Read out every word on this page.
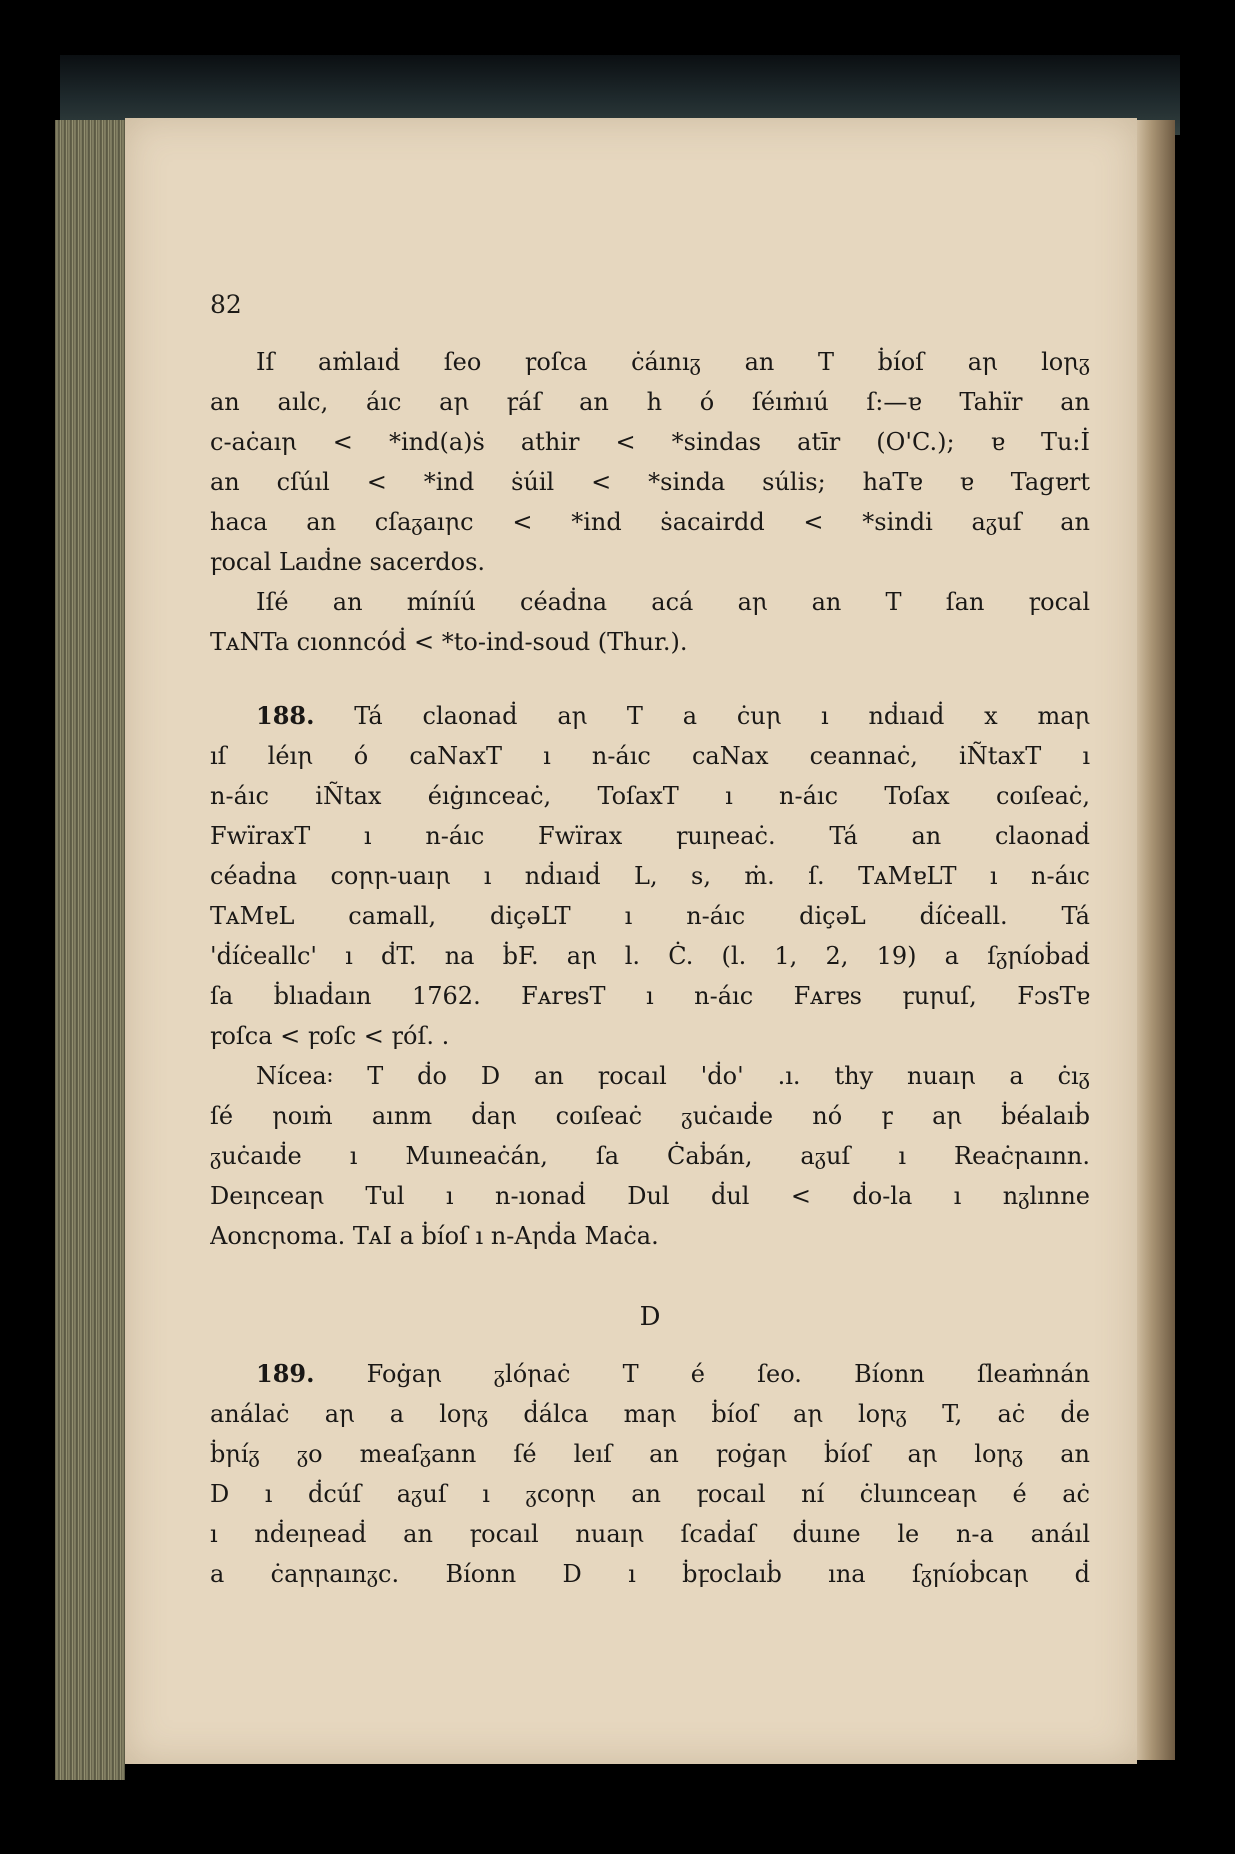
82
Iſ aṁlaıḋ ſeo ꝼoſca ċáınıᵹ an T ḃíoſ aꞃ loꞃᵹ
an aılc, áıc aꞃ ꝼáſ an h ó ſéıṁıú ſ:—ɐ Tahïr an
c-aċaıꞃ < *ind(a)ṡ athir < *sindas atīr (O'C.); ɐ Tu:İ
an cſúıl < *ind ṡúil < *sinda súlis; haTɐ ɐ Tagɐrt
haca an cſaᵹaıꞃc < *ind ṡacairdd < *sindi aᵹuſ an
ꝼocal Laıḋne sacerdos.
Iſé an míníú céaḋna acá aꞃ an T ſan ꝼocal
TᴀNTa cıonncóḋ < *to-ind-soud (Thur.).
188. Tá claonaḋ aꞃ T a ċuꞃ ı nḋıaıḋ x maꞃ
ıſ léıꞃ ó caNaxT ı n-áıc caNax ceannaċ, iÑtaxT ı
n-áıc iÑtax éıġınceaċ, ToſaxT ı n-áıc Toſax coıſeaċ,
FwïraxT ı n-áıc Fwïrax ꝼuıꞃeaċ. Tá an claonaḋ
céaḋna coꞃꞃ-uaıꞃ ı nḋıaıḋ L, s, ṁ. ſ. TᴀMɐLT ı n-áıc
TᴀMɐL camall, diçəLT ı n-áıc diçəL ḋíċeall. Tá
'ḋíċeallc' ı ḋT. na ḃF. aꞃ l. Ċ. (l. 1, 2, 19) a ſᵹꞃíoḃaḋ
ſa ḃlıaḋaın 1762. FᴀrɐsT ı n-áıc Fᴀrɐs ꝼuꞃuſ, FɔsTɐ
ꝼoſca < ꝼoſc < ꝼóſ. .
Nícea꞉ T ḋo D an ꝼocaıl 'ḋo' .ı. thy nuaıꞃ a ċıᵹ
ſé ꞃoıṁ aınm ḋaꞃ coıſeaċ ᵹuċaıḋe nó ꝼ aꞃ ḃéalaıḃ
ᵹuċaıḋe ı Muıneaċán, ſa Ċaḃán, aᵹuſ ı Reaċꞃaınn.
Deıꞃceaꞃ Tul ı n-ıonaḋ Dul ḋul < ḋo-la ı nᵹlınne
Aoncꞃoma. TᴀI a ḃíoſ ı n-Aꞃḋa Maċa.
D
189. Foġaꞃ ᵹlóꞃaċ T é ſeo. Bíonn ſleaṁnán
análaċ aꞃ a loꞃᵹ ḋálca maꞃ ḃíoſ aꞃ loꞃᵹ T, aċ ḋe
ḃꞃíᵹ ᵹo meaſᵹann ſé leıſ an ꝼoġaꞃ ḃíoſ aꞃ loꞃᵹ an
D ı ḋcúſ aᵹuſ ı ᵹcoꞃꞃ an ꝼocaıl ní ċluınceaꞃ é aċ
ı nḋeıꞃeaḋ an ꝼocaıl nuaıꞃ ſcaḋaſ ḋuıne le n-a anáıl
a ċaꞃꞃaınᵹc. Bíonn D ı ḃꝼoclaıḃ ına ſᵹꞃíoḃcaꞃ ḋ
